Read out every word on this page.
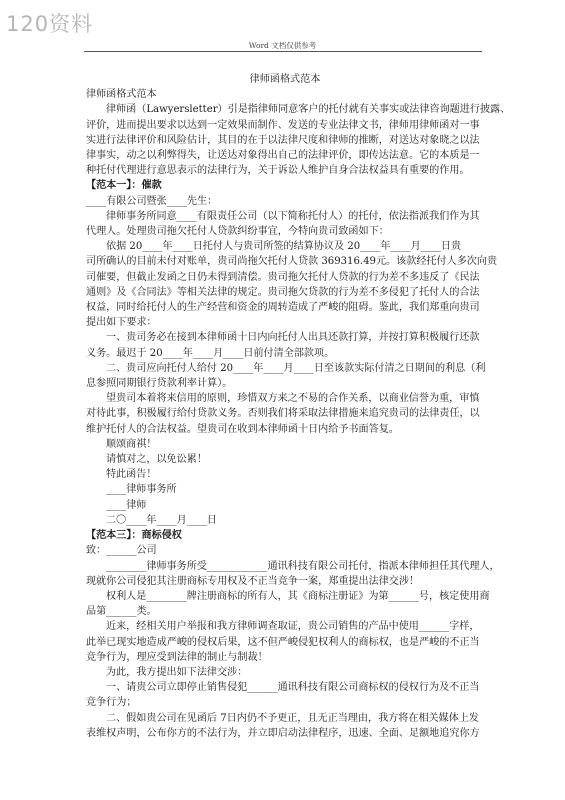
120资料
Word 文档仅供参考

律师函格式范本

律师函格式范本

律师函（Lawyersletter）引是指律师同意客户的托付就有关事实或法律咨询题进行披露、

评价，进而提出要求以达到一定效果而制作、发送的专业法律文书，律师用律师函对一事

实进行法律评价和风险估计，其目的在于以法律尺度和律师的推断，对送达对象晓之以法

律事实，动之以利弊得失，让送达对象得出自己的法律评价，即传达法意。它的本质是一

种托付代理进行意思表示的法律行为，关于诉讼人维护自身合法权益具有重要的作用。

【范本一】：催款

____有限公司暨张____先生：

律师事务所同意____有限责任公司（以下简称托付人）的托付，依法指派我们作为其

代理人。处理贵司拖欠托付人贷款纠纷事宜，今特向贵司致函如下：

依据 20____年____日托付人与贵司所签的结算协议及 20____年____月____日贵

司所确认的目前未付对账单，贵司尚拖欠托付人贷款 369316.49元。该款经托付人多次向贵

司催要，但截止发函之日仍未得到清偿。贵司拖欠托付人贷款的行为差不多违反了《民法

通则》及《合同法》等相关法律的规定。贵司拖欠贷款的行为差不多侵犯了托付人的合法

权益，同时给托付人的生产经营和资金的周转造成了严峻的阻碍。鉴此，我们郑重向贵司

提出如下要求：

一、贵司务必在接到本律师函十日内向托付人出具还款打算，并按打算积极履行还款

义务。最迟于 20____年____月____日前付清全部款项。

二、贵司应向托付人给付 20____年____月____日至该款实际付清之日期间的利息（利

息参照同期银行贷款利率计算）。

望贵司本着将来信用的原则，珍惜双方来之不易的合作关系，以商业信誉为重，审慎

对待此事，积极履行给付贷款义务。否则我们将采取法律措施来追究贵司的法律责任，以

维护托付人的合法权益。望贵司在收到本律师函十日内给予书面答复。

顺颂商祺！

请慎对之，以免讼累！

特此函告！

____律师事务所

____律师

二〇____年____月____日

【范本三】：商标侵权

致：______公司

________律师事务所受____________通讯科技有限公司托付，指派本律师担任其代理人，

现就你公司侵犯其注册商标专用权及不正当竞争一案，郑重提出法律交涉！

权利人是________牌注册商标的所有人，其《商标注册证》为第______号，核定使用商

品第______类。

近来，经相关用户举报和我方律师调查取证，贵公司销售的产品中使用______字样，

此举已现实地造成严峻的侵权后果，这不但严峻侵犯权利人的商标权，也是严峻的不正当

竞争行为，理应受到法律的制止与制裁！

为此，我方提出如下法律交涉：

一、请贵公司立即停止销售侵犯______通讯科技有限公司商标权的侵权行为及不正当

竞争行为；

二、假如贵公司在见函后 7日内仍不予更正，且无正当理由，我方将在相关媒体上发

表维权声明，公布你方的不法行为，并立即启动法律程序，迅速、全面、足额地追究你方
